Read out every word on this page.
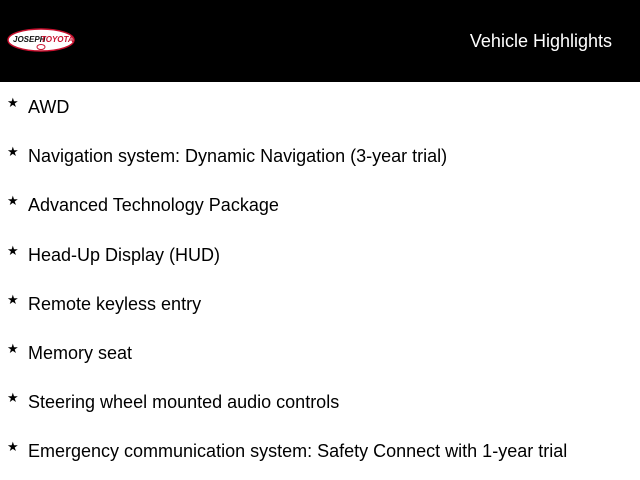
JOSEPH
TOYOTA	Vehicle Highlights
★ AWD
★ Navigation system: Dynamic Navigation (3-year trial)
★ Advanced Technology Package
★ Head-Up Display (HUD)
★ Remote keyless entry
★ Memory seat
★ Steering wheel mounted audio controls
★ Emergency communication system: Safety Connect with 1-year trial
